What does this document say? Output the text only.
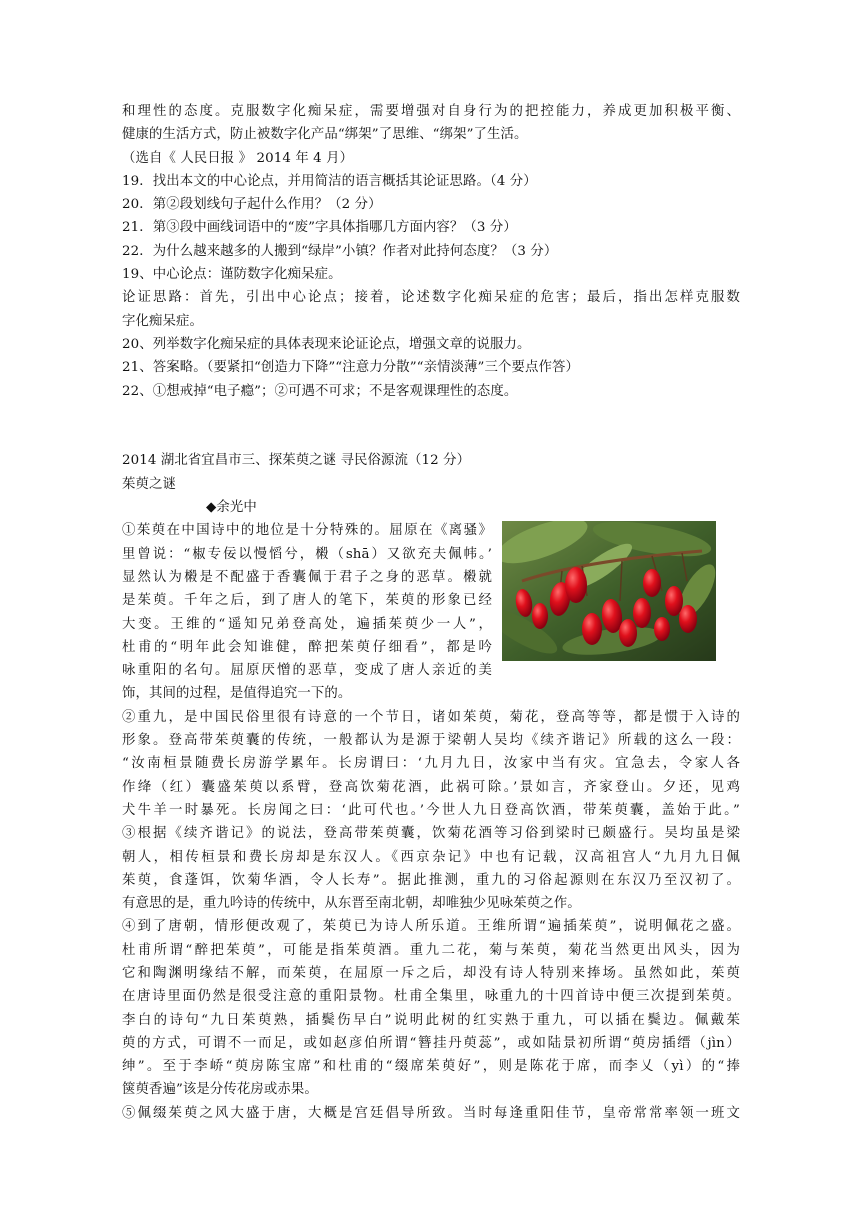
和理性的态度。克服数字化痴呆症，需要增强对自身行为的把控能力，养成更加积极平衡、
健康的生活方式，防止被数字化产品“绑架”了思维、“绑架”了生活。
（选自《 人民日报 》 2014 年 4 月）
19．找出本文的中心论点，并用简洁的语言概括其论证思路。（4 分）
20．第②段划线句子起什么作用？（2 分）
21．第③段中画线词语中的“废”字具体指哪几方面内容？（3 分）
22．为什么越来越多的人搬到“绿岸”小镇？作者对此持何态度？（3 分）
19、中心论点：谨防数字化痴呆症。
论证思路：首先，引出中心论点；接着，论述数字化痴呆症的危害；最后，指出怎样克服数
字化痴呆症。
20、列举数字化痴呆症的具体表现来论证论点，增强文章的说服力。
21、答案略。（要紧扣“创造力下降”“注意力分散”“亲情淡薄”三个要点作答）
22、①想戒掉“电子瘾”；②可遇不可求；不是客观课理性的态度。
2014 湖北省宜昌市三、探茱萸之谜 寻民俗源流（12 分）
茱萸之谜
◆余光中
①茱萸在中国诗中的地位是十分特殊的。屈原在《离骚》
里曾说：“椒专佞以慢慆兮，樧（shā）又欲充夫佩帏。’
显然认为樧是不配盛于香囊佩于君子之身的恶草。樧就
是茱萸。千年之后，到了唐人的笔下，茱萸的形象已经
大变。王维的“遥知兄弟登高处，遍插茱萸少一人”，
杜甫的“明年此会知谁健，醉把茱萸仔细看”，都是吟
咏重阳的名句。屈原厌憎的恶草，变成了唐人亲近的美
饰，其间的过程，是值得追究一下的。
②重九，是中国民俗里很有诗意的一个节日，诸如茱萸，菊花，登高等等，都是惯于入诗的
形象。登高带茱萸囊的传统，一般都认为是源于梁朝人吴均《续齐谐记》所载的这么一段：
“汝南桓景随费长房游学累年。长房谓曰：‘九月九日，汝家中当有灾。宜急去，令家人各
作绛（红）囊盛茱萸以系臂，登高饮菊花酒，此祸可除。’景如言，齐家登山。夕还，见鸡
犬牛羊一时暴死。长房闻之曰：‘此可代也。’今世人九日登高饮酒，带茱萸囊，盖始于此。”
③根据《续齐谐记》的说法，登高带茱萸囊，饮菊花酒等习俗到梁时已颇盛行。吴均虽是梁
朝人，相传桓景和费长房却是东汉人。《西京杂记》中也有记载，汉高祖宫人“九月九日佩
茱萸，食蓬饵，饮菊华酒，令人长寿”。据此推测，重九的习俗起源则在东汉乃至汉初了。
有意思的是，重九吟诗的传统中，从东晋至南北朝，却唯独少见咏茱萸之作。
④到了唐朝，情形便改观了，茱萸已为诗人所乐道。王维所谓“遍插茱萸”，说明佩花之盛。
杜甫所谓“醉把茱萸”，可能是指茱萸酒。重九二花，菊与茱萸，菊花当然更出风头，因为
它和陶渊明缘结不解，而茱萸，在屈原一斥之后，却没有诗人特别来捧场。虽然如此，茱萸
在唐诗里面仍然是很受注意的重阳景物。杜甫全集里，咏重九的十四首诗中便三次提到茱萸。
李白的诗句“九日茱萸熟，插鬓伤早白”说明此树的红实熟于重九，可以插在鬓边。佩戴茱
萸的方式，可谓不一而足，或如赵彦伯所谓“簪挂丹萸蕊”，或如陆景初所谓“萸房插缙（jìn）
绅”。至于李峤“萸房陈宝席”和杜甫的“缀席茱萸好”，则是陈花于席，而李乂（yì）的“捧
箧萸香遍”该是分传花房或赤果。
⑤佩缀茱萸之风大盛于唐，大概是宫廷倡导所致。当时每逢重阳佳节，皇帝常常率领一班文
